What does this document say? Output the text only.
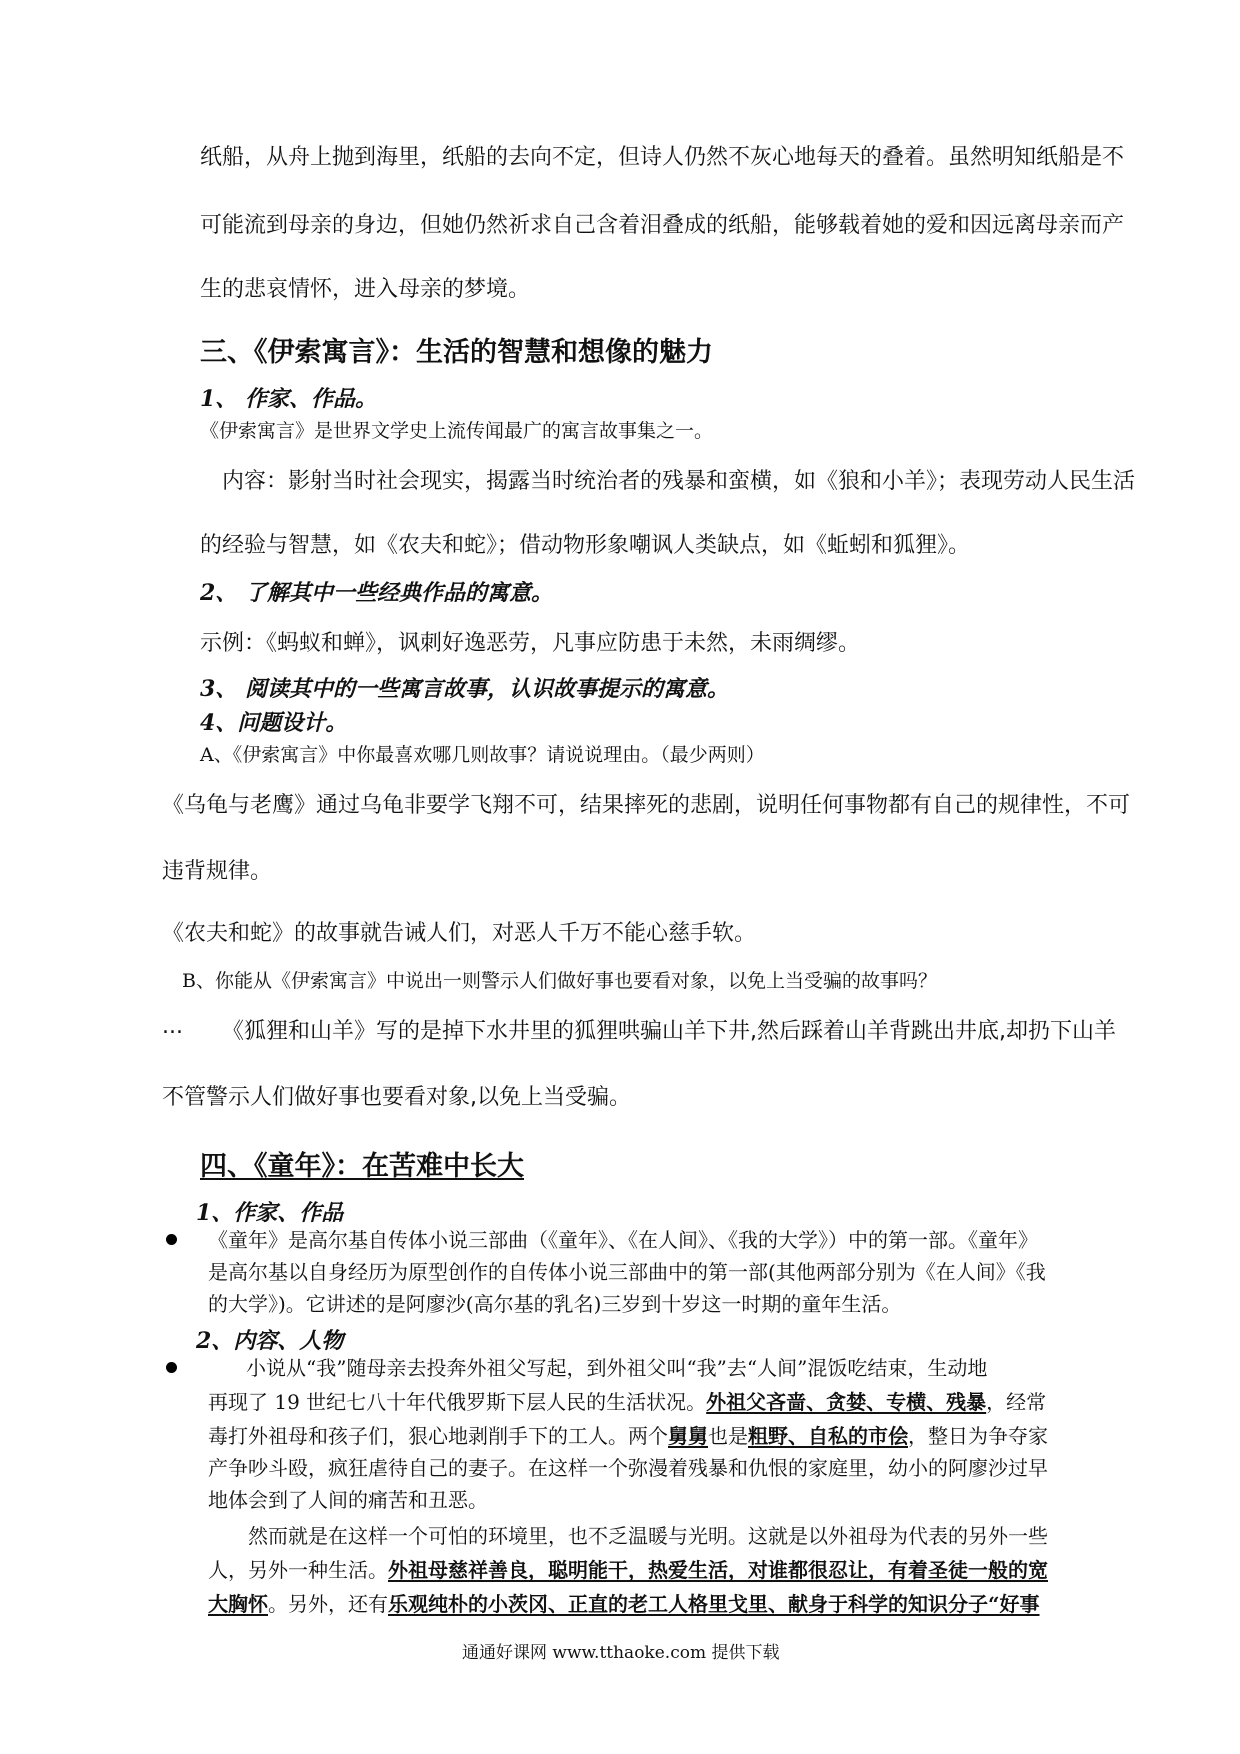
纸船，从舟上抛到海里，纸船的去向不定，但诗人仍然不灰心地每天的叠着。虽然明知纸船是不
可能流到母亲的身边，但她仍然祈求自己含着泪叠成的纸船，能够载着她的爱和因远离母亲而产
生的悲哀情怀，进入母亲的梦境。
三、《伊索寓言》：生活的智慧和想像的魅力
1、 作家、作品。
《伊索寓言》是世界文学史上流传闻最广的寓言故事集之一。
内容：影射当时社会现实，揭露当时统治者的残暴和蛮横，如《狼和小羊》；表现劳动人民生活
的经验与智慧，如《农夫和蛇》；借动物形象嘲讽人类缺点，如《蚯蚓和狐狸》。
2、 了解其中一些经典作品的寓意。
示例：《蚂蚁和蝉》，讽刺好逸恶劳，凡事应防患于未然，未雨绸缪。
3、 阅读其中的一些寓言故事，认识故事提示的寓意。
4、问题设计。
A、《伊索寓言》中你最喜欢哪几则故事？请说说理由。（最少两则）
《乌龟与老鹰》通过乌龟非要学飞翔不可，结果摔死的悲剧，说明任何事物都有自己的规律性，不可
违背规律。
《农夫和蛇》的故事就告诫人们，对恶人千万不能心慈手软。
B、你能从《伊索寓言》中说出一则警示人们做好事也要看对象，以免上当受骗的故事吗？
... 《狐狸和山羊》写的是掉下水井里的狐狸哄骗山羊下井,然后踩着山羊背跳出井底,却扔下山羊
不管警示人们做好事也要看对象,以免上当受骗。
四、《童年》：在苦难中长大
1、作家、作品
《童年》是高尔基自传体小说三部曲（《童年》、《在人间》、《我的大学》）中的第一部。《童年》
是高尔基以自身经历为原型创作的自传体小说三部曲中的第一部(其他两部分别为《在人间》《我
的大学》)。它讲述的是阿廖沙(高尔基的乳名)三岁到十岁这一时期的童年生活。
2、内容、人物
小说从“我”随母亲去投奔外祖父写起，到外祖父叫“我”去“人间”混饭吃结束，生动地
再现了 19 世纪七八十年代俄罗斯下层人民的生活状况。外祖父吝啬、贪婪、专横、残暴，经常
毒打外祖母和孩子们，狠心地剥削手下的工人。两个舅舅也是粗野、自私的市侩，整日为争夺家
产争吵斗殴，疯狂虐待自己的妻子。在这样一个弥漫着残暴和仇恨的家庭里，幼小的阿廖沙过早
地体会到了人间的痛苦和丑恶。
然而就是在这样一个可怕的环境里，也不乏温暖与光明。这就是以外祖母为代表的另外一些
人，另外一种生活。外祖母慈祥善良，聪明能干，热爱生活，对谁都很忍让，有着圣徒一般的宽
大胸怀。另外，还有乐观纯朴的小茨冈、正直的老工人格里戈里、献身于科学的知识分子“好事
通通好课网 www.tthaoke.com 提供下载
